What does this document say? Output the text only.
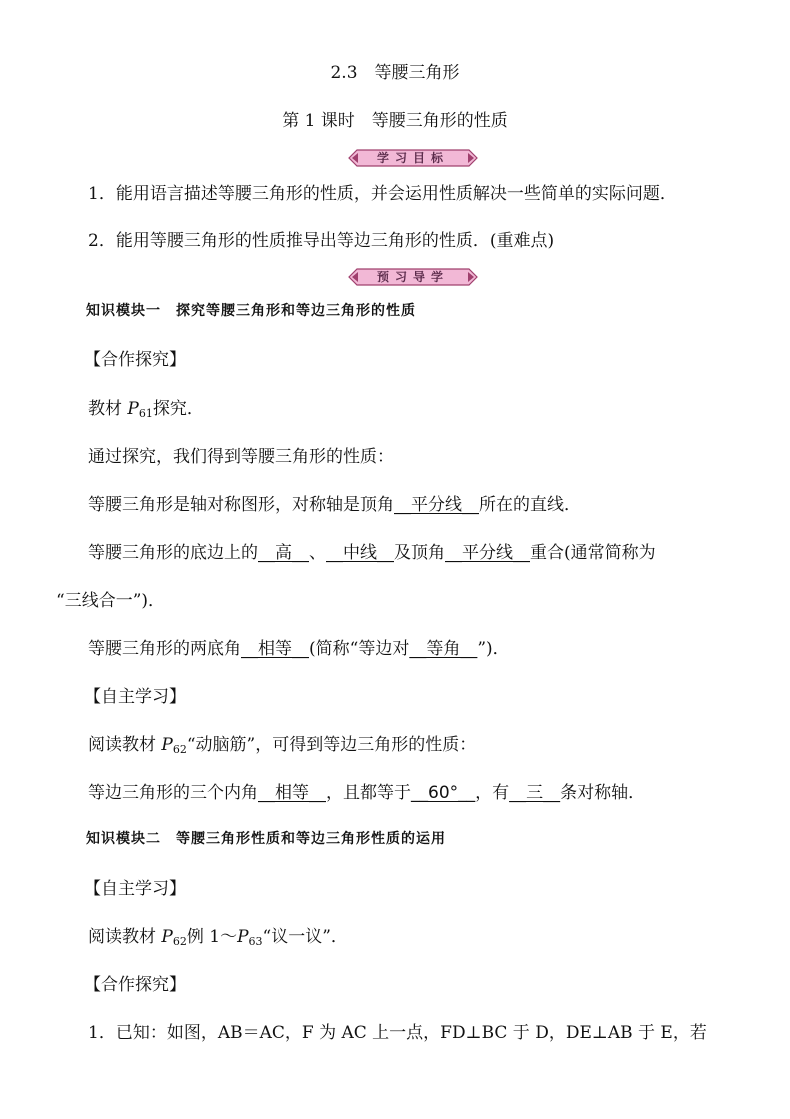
2.3　等腰三角形
第 1 课时　等腰三角形的性质
学习目标
1．能用语言描述等腰三角形的性质，并会运用性质解决一些简单的实际问题．
2．能用等腰三角形的性质推导出等边三角形的性质．(重难点)
预习导学
知识模块一　探究等腰三角形和等边三角形的性质
【合作探究】
教材 $P_{61}$探究．
通过探究，我们得到等腰三角形的性质：
等腰三角形是轴对称图形，对称轴是顶角__平分线__所在的直线．
等腰三角形的底边上的__高__、__中线__及顶角__平分线__重合(通常简称为
“三线合一”)．
等腰三角形的两底角__相等__(简称“等边对__等角__”)．
【自主学习】
阅读教材 $P_{62}“$动脑筋”，可得到等边三角形的性质：
等边三角形的三个内角__相等__，且都等于__60°__，有__三__条对称轴．
知识模块二　等腰三角形性质和等边三角形性质的运用
【自主学习】
阅读教材 $P_{62}$例 $1\sim P_{63}“$议一议”．
【合作探究】
1．已知：如图，AB＝AC，F 为 AC 上一点，FD⊥BC 于 D，DE⊥AB 于 E，若
